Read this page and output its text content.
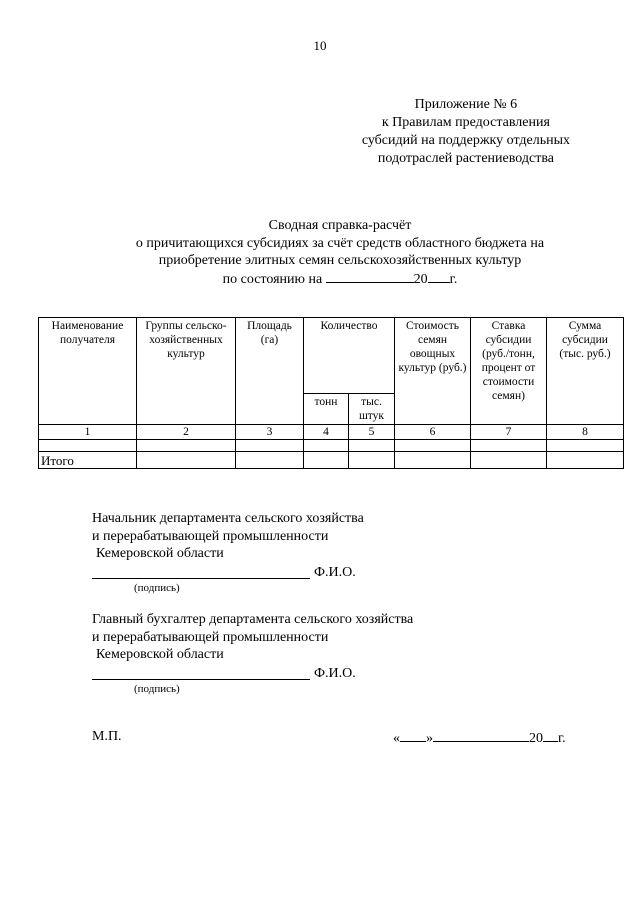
10
Приложение № 6
к Правилам предоставления
субсидий на поддержку отдельных
подотраслей растениеводства
Сводная справка-расчёт
о причитающихся субсидиях за счёт средств областного бюджета на
приобретение элитных семян сельскохозяйственных культур
по состоянию на	20 г.
Наименование получателя	Группы сельско-хозяйственных культур	Площадь (га)	Количество		Стоимость семян овощных культур (руб.)	Ставка субсидии (руб./тонн, процент от стоимости семян)	Сумма субсидии (тыс. руб.)
			тонн	тыс. штук			
1	2	3	4	5	6	7	8

Итого							
Начальник департамента сельского хозяйства
и перерабатывающей промышленности
Кемеровской области
Ф.И.О.
(подпись)
Главный бухгалтер департамента сельского хозяйства
и перерабатывающей промышленности
Кемеровской области
Ф.И.О.
(подпись)
М.П.	« »	20 г.
